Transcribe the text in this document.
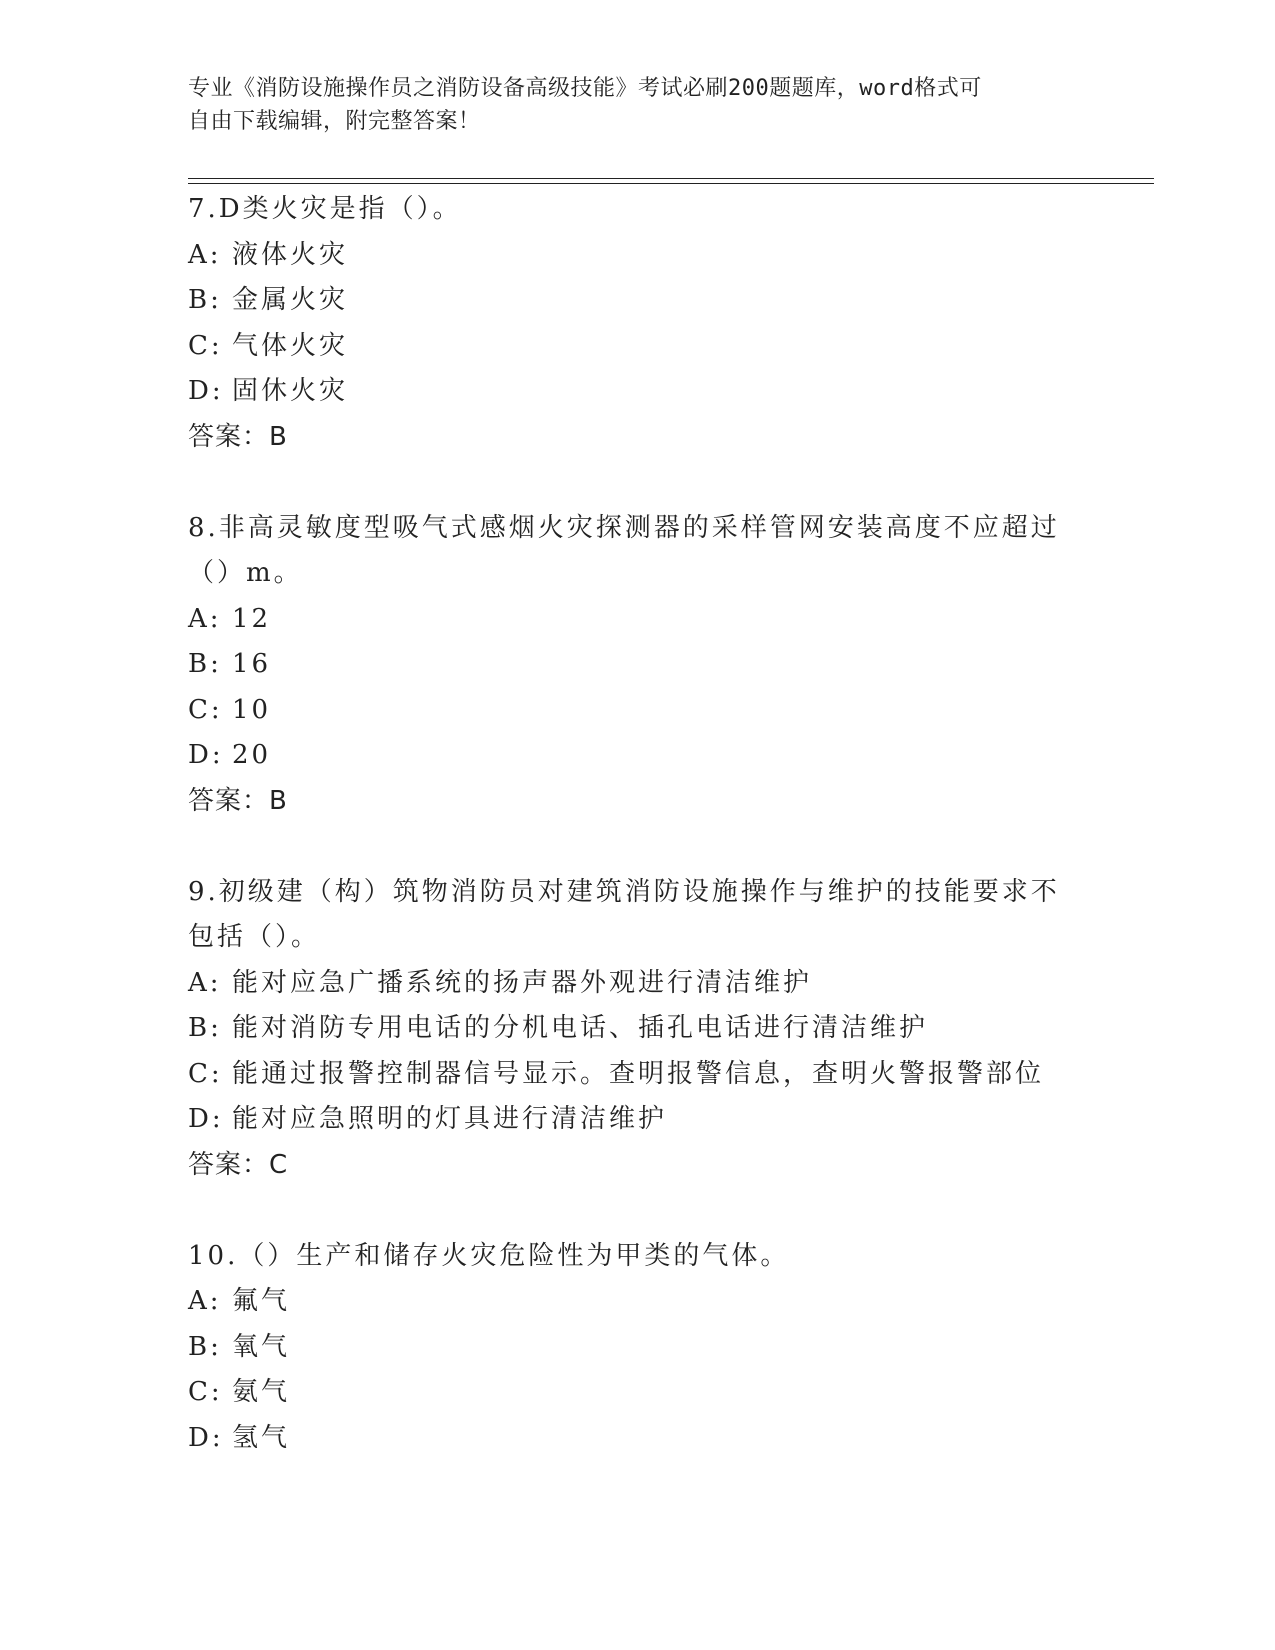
专业《消防设施操作员之消防设备高级技能》考试必刷200题题库，word格式可
自由下载编辑，附完整答案！
7.D类火灾是指（）。
A: 液体火灾
B: 金属火灾
C: 气体火灾
D: 固休火灾
答案：B
8.非高灵敏度型吸气式感烟火灾探测器的采样管网安装高度不应超过（）m。
A: 12
B: 16
C: 10
D: 20
答案：B
9.初级建（构）筑物消防员对建筑消防设施操作与维护的技能要求不包括（）。
A: 能对应急广播系统的扬声器外观进行清洁维护
B: 能对消防专用电话的分机电话、插孔电话进行清洁维护
C: 能通过报警控制器信号显示。查明报警信息，查明火警报警部位
D: 能对应急照明的灯具进行清洁维护
答案：C
10.（）生产和储存火灾危险性为甲类的气体。
A: 氟气
B: 氧气
C: 氨气
D: 氢气
